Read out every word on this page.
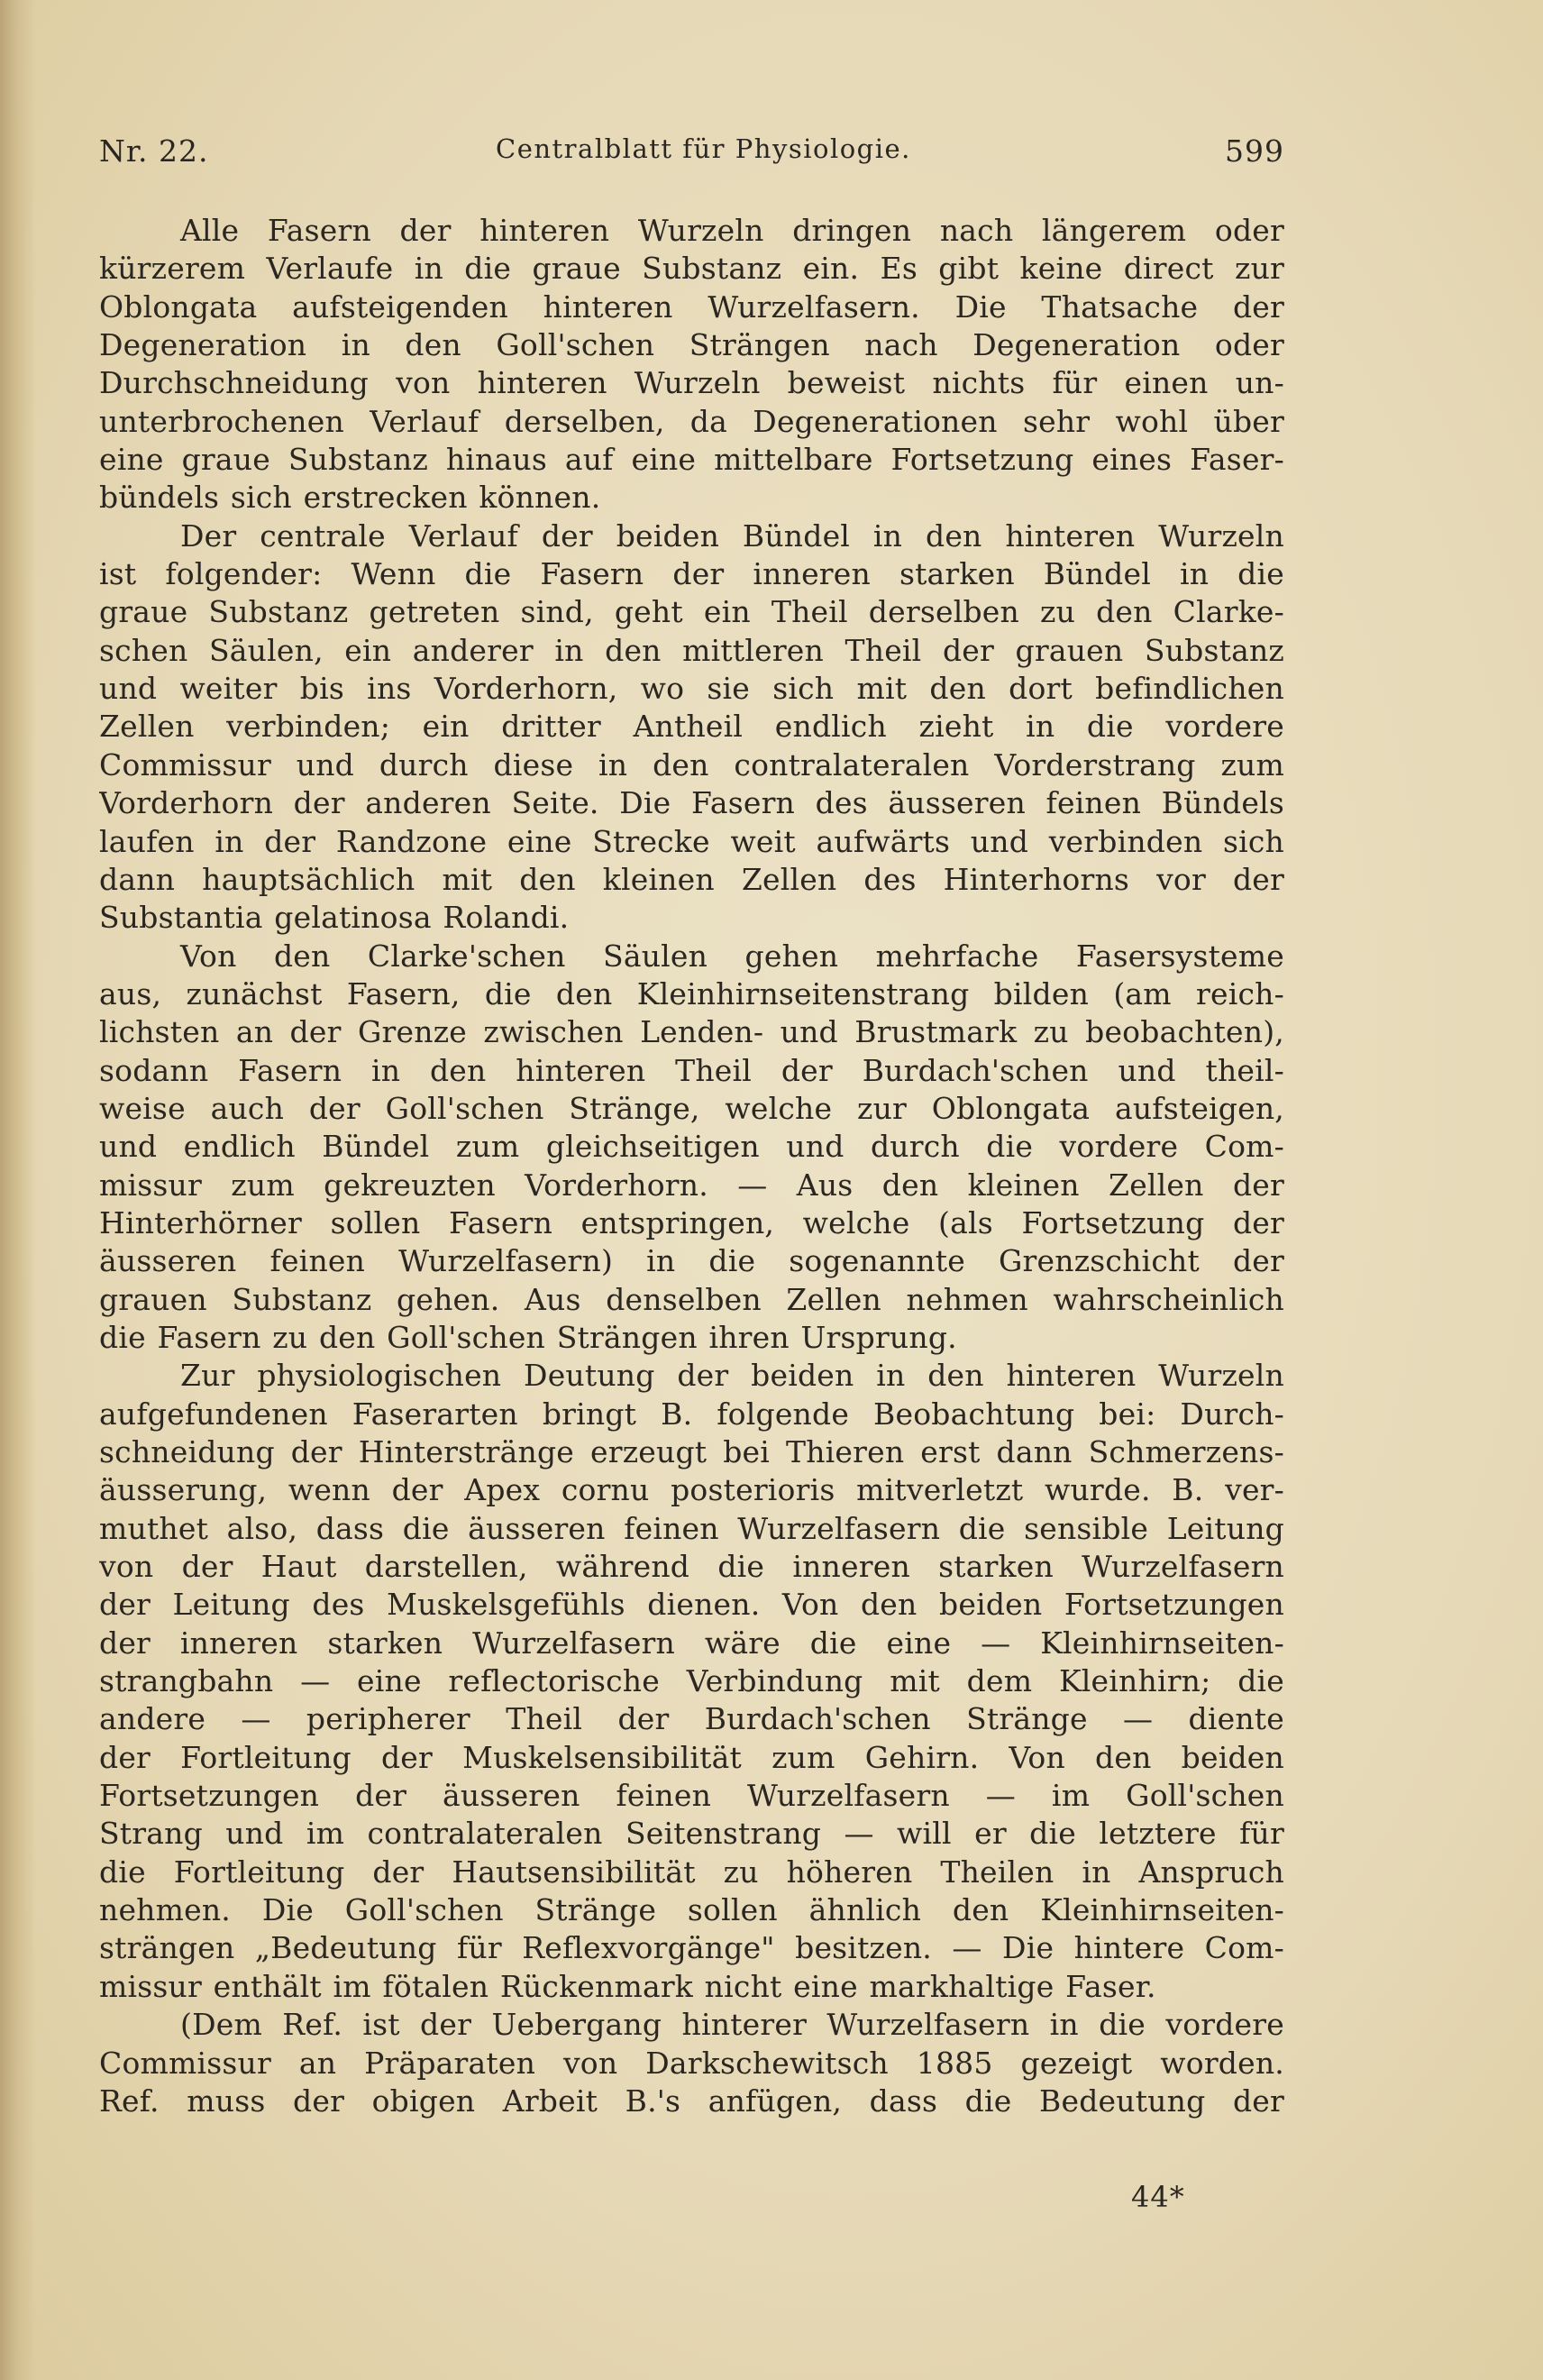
Nr. 22.	Centralblatt für Physiologie.	599
Alle Fasern der hinteren Wurzeln dringen nach längerem oder
kürzerem Verlaufe in die graue Substanz ein. Es gibt keine direct zur
Oblongata aufsteigenden hinteren Wurzelfasern. Die Thatsache der
Degeneration in den Goll'schen Strängen nach Degeneration oder
Durchschneidung von hinteren Wurzeln beweist nichts für einen un-
unterbrochenen Verlauf derselben, da Degenerationen sehr wohl über
eine graue Substanz hinaus auf eine mittelbare Fortsetzung eines Faser-
bündels sich erstrecken können.
Der centrale Verlauf der beiden Bündel in den hinteren Wurzeln
ist folgender: Wenn die Fasern der inneren starken Bündel in die
graue Substanz getreten sind, geht ein Theil derselben zu den Clarke-
schen Säulen, ein anderer in den mittleren Theil der grauen Substanz
und weiter bis ins Vorderhorn, wo sie sich mit den dort befindlichen
Zellen verbinden; ein dritter Antheil endlich zieht in die vordere
Commissur und durch diese in den contralateralen Vorderstrang zum
Vorderhorn der anderen Seite. Die Fasern des äusseren feinen Bündels
laufen in der Randzone eine Strecke weit aufwärts und verbinden sich
dann hauptsächlich mit den kleinen Zellen des Hinterhorns vor der
Substantia gelatinosa Rolandi.
Von den Clarke'schen Säulen gehen mehrfache Fasersysteme
aus, zunächst Fasern, die den Kleinhirnseitenstrang bilden (am reich-
lichsten an der Grenze zwischen Lenden- und Brustmark zu beobachten),
sodann Fasern in den hinteren Theil der Burdach'schen und theil-
weise auch der Goll'schen Stränge, welche zur Oblongata aufsteigen,
und endlich Bündel zum gleichseitigen und durch die vordere Com-
missur zum gekreuzten Vorderhorn. — Aus den kleinen Zellen der
Hinterhörner sollen Fasern entspringen, welche (als Fortsetzung der
äusseren feinen Wurzelfasern) in die sogenannte Grenzschicht der
grauen Substanz gehen. Aus denselben Zellen nehmen wahrscheinlich
die Fasern zu den Goll'schen Strängen ihren Ursprung.
Zur physiologischen Deutung der beiden in den hinteren Wurzeln
aufgefundenen Faserarten bringt B. folgende Beobachtung bei: Durch-
schneidung der Hinterstränge erzeugt bei Thieren erst dann Schmerzens-
äusserung, wenn der Apex cornu posterioris mitverletzt wurde. B. ver-
muthet also, dass die äusseren feinen Wurzelfasern die sensible Leitung
von der Haut darstellen, während die inneren starken Wurzelfasern
der Leitung des Muskelsgefühls dienen. Von den beiden Fortsetzungen
der inneren starken Wurzelfasern wäre die eine — Kleinhirnseiten-
strangbahn — eine reflectorische Verbindung mit dem Kleinhirn; die
andere — peripherer Theil der Burdach'schen Stränge — diente
der Fortleitung der Muskelsensibilität zum Gehirn. Von den beiden
Fortsetzungen der äusseren feinen Wurzelfasern — im Goll'schen
Strang und im contralateralen Seitenstrang — will er die letztere für
die Fortleitung der Hautsensibilität zu höheren Theilen in Anspruch
nehmen. Die Goll'schen Stränge sollen ähnlich den Kleinhirnseiten-
strängen „Bedeutung für Reflexvorgänge" besitzen. — Die hintere Com-
missur enthält im fötalen Rückenmark nicht eine markhaltige Faser.
(Dem Ref. ist der Uebergang hinterer Wurzelfasern in die vordere
Commissur an Präparaten von Darkschewitsch 1885 gezeigt worden.
Ref. muss der obigen Arbeit B.'s anfügen, dass die Bedeutung der
44*
